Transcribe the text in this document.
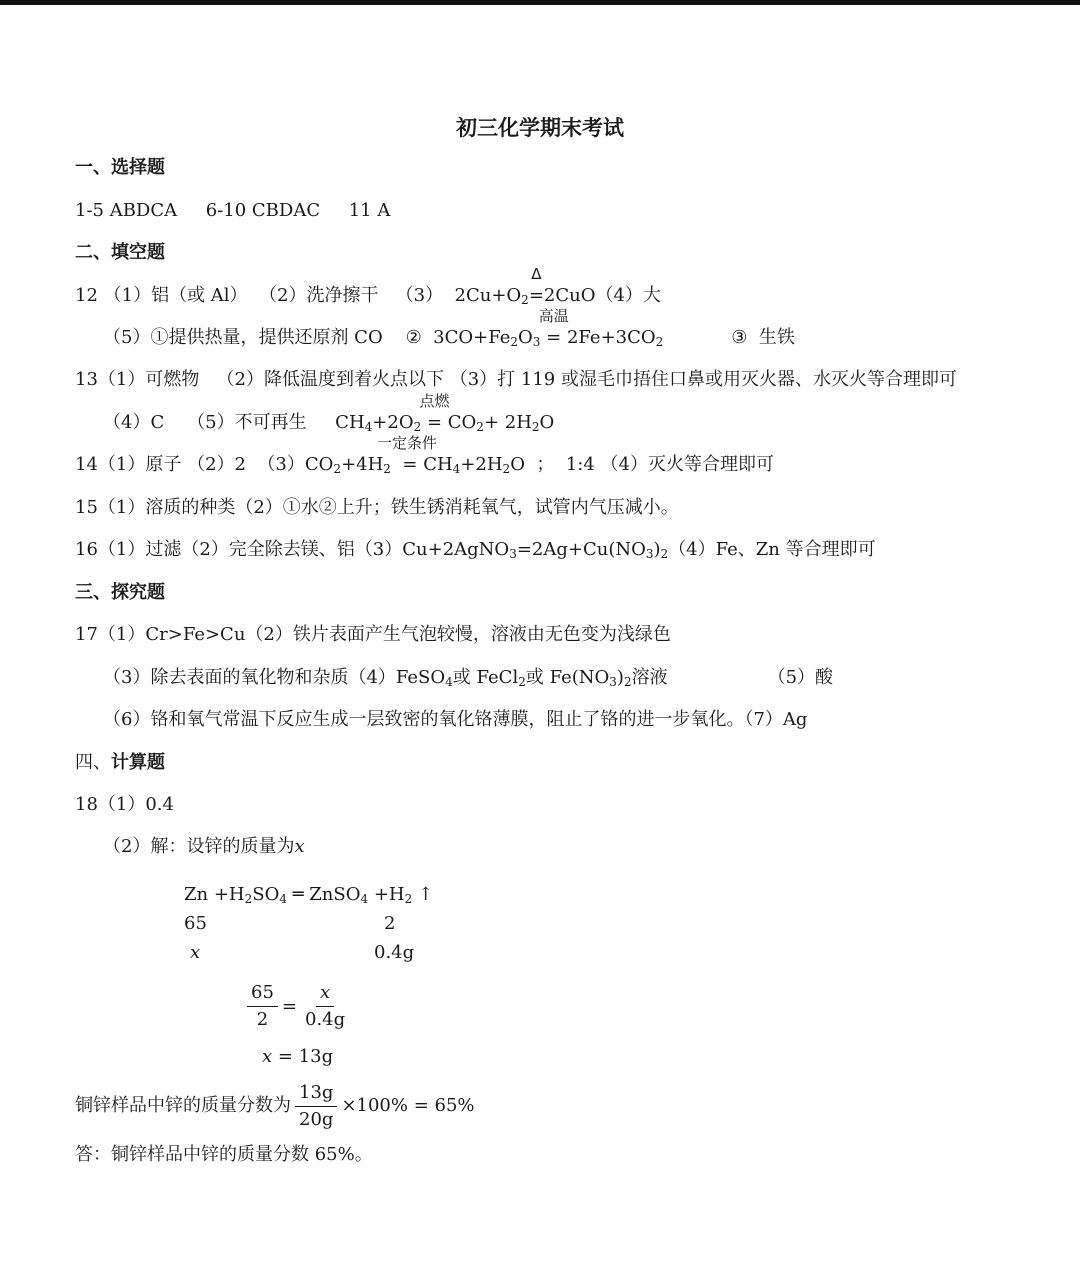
初三化学期末考试
一、选择题
1-5 ABDCA     6-10 CBDAC     11 A
二、填空题
12 （1）铝（或 Al）  （2）洗净擦干   （3）  $2Cu+O_2$
Δ
=2CuO（4）大
（5）①提供热量，提供还原剂 CO    ②  $3CO+Fe_2O_3$
高温
= $2Fe+3CO_2$	③  生铁
13（1）可燃物   （2）降低温度到着火点以下 （3）打 119 或湿毛巾捂住口鼻或用灭火器、水灭火等合理即可
（4）C    （5）不可再生     $CH_4+2O_2$
点燃
= $CO_2+ 2H_2O$
14（1）原子 （2）2  $(3)CO_2+4H_2$
一定条件
= $CH_4+2H_2O$  ；  1:4 （4）灭火等合理即可
15（1）溶质的种类（2）①水②上升；铁生锈消耗氧气，试管内气压减小。
16（1）过滤（2）完全除去镁、铝$(3)Cu+2AgNO_3=2Ag+Cu(NO_3)_2(4)Fe$、Zn 等合理即可
三、探究题
17（1）Cr>Fe>Cu（2）铁片表面产生气泡较慢，溶液由无色变为浅绿色
（3）除去表面的氧化物和杂质（4）FeSO$_4$或 FeCl$_2$或 $Fe(NO_3)_2$溶液	（5）酸
（6）铬和氧气常温下反应生成一层致密的氧化铬薄膜，阻止了铬的进一步氧化。（7）Ag
四、计算题
18（1）0.4
（2）解：设锌的质量为x
$Zn +H_2SO_4$ ═ ZnSO$_4$ $+H_2$ ↑
65	2
x	0.4g
$\frac{65}{2} = \frac{x}{0.4g}$
x = 13g
铜锌样品中锌的质量分数为 $\frac{13g}{20g} \times 100\% = 65\%$
答：铜锌样品中锌的质量分数 65%。
